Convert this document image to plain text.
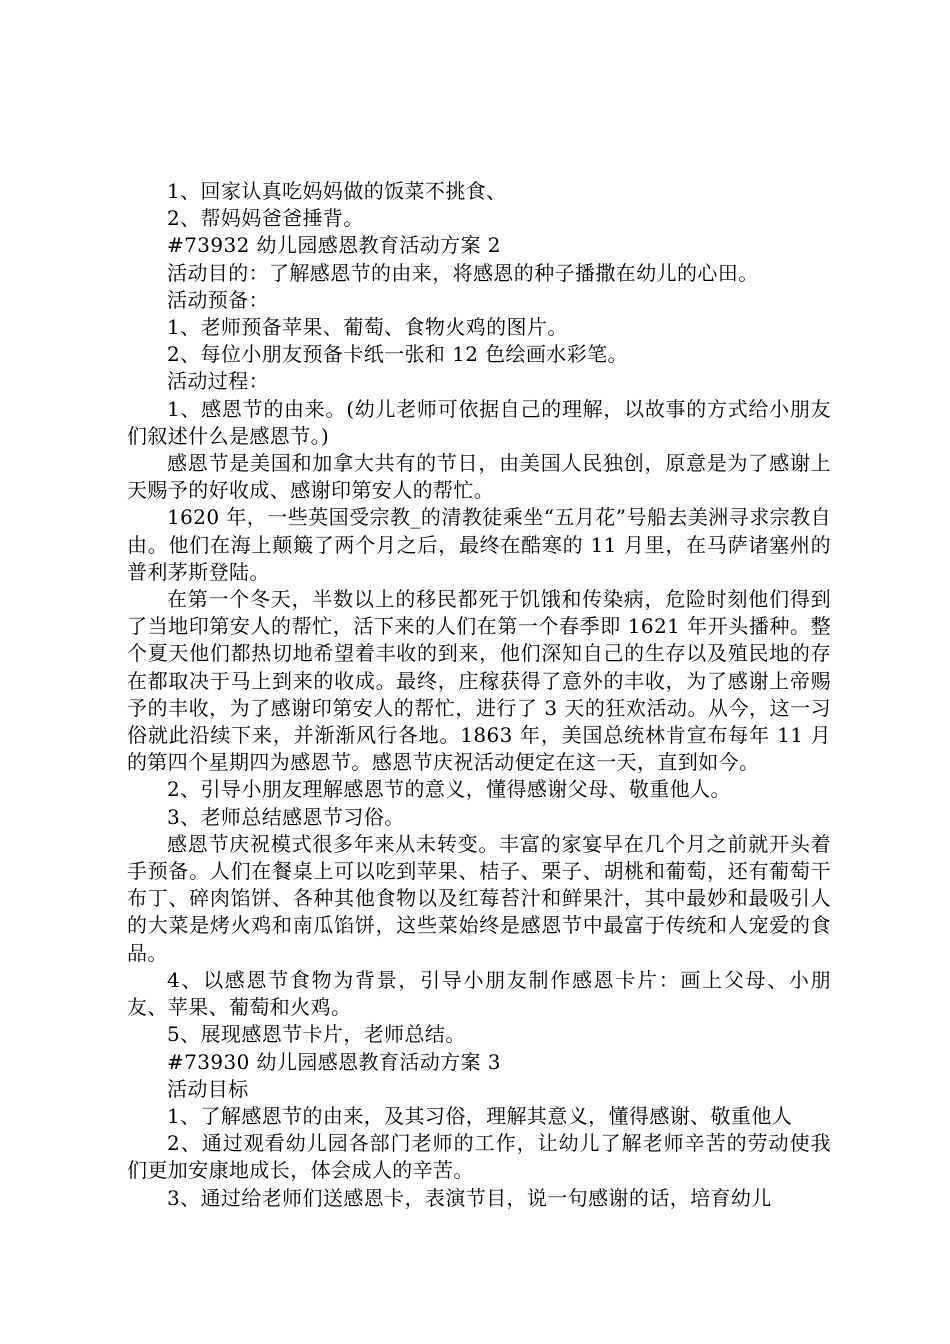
1、回家认真吃妈妈做的饭菜不挑食、

2、帮妈妈爸爸捶背。

#73932 幼儿园感恩教育活动方案 2

活动目的：了解感恩节的由来，将感恩的种子播撒在幼儿的心田。

活动预备：

1、老师预备苹果、葡萄、食物火鸡的图片。

2、每位小朋友预备卡纸一张和 12 色绘画水彩笔。

活动过程：

1、感恩节的由来。(幼儿老师可依据自己的理解，以故事的方式给小朋友们叙述什么是感恩节。)

感恩节是美国和加拿大共有的节日，由美国人民独创，原意是为了感谢上天赐予的好收成、感谢印第安人的帮忙。

1620 年，一些英国受宗教_的清教徒乘坐“五月花”号船去美洲寻求宗教自由。他们在海上颠簸了两个月之后，最终在酷寒的 11 月里，在马萨诸塞州的普利茅斯登陆。

在第一个冬天，半数以上的移民都死于饥饿和传染病，危险时刻他们得到了当地印第安人的帮忙，活下来的人们在第一个春季即 1621 年开头播种。整个夏天他们都热切地希望着丰收的到来，他们深知自己的生存以及殖民地的存在都取决于马上到来的收成。最终，庄稼获得了意外的丰收，为了感谢上帝赐予的丰收，为了感谢印第安人的帮忙，进行了 3 天的狂欢活动。从今，这一习俗就此沿续下来，并渐渐风行各地。1863 年，美国总统林肯宣布每年 11 月的第四个星期四为感恩节。感恩节庆祝活动便定在这一天，直到如今。

2、引导小朋友理解感恩节的意义，懂得感谢父母、敬重他人。

3、老师总结感恩节习俗。

感恩节庆祝模式很多年来从未转变。丰富的家宴早在几个月之前就开头着手预备。人们在餐桌上可以吃到苹果、桔子、栗子、胡桃和葡萄，还有葡萄干布丁、碎肉馅饼、各种其他食物以及红莓苔汁和鲜果汁，其中最妙和最吸引人的大菜是烤火鸡和南瓜馅饼，这些菜始终是感恩节中最富于传统和人宠爱的食品。

4、以感恩节食物为背景，引导小朋友制作感恩卡片：画上父母、小朋友、苹果、葡萄和火鸡。

5、展现感恩节卡片，老师总结。

#73930 幼儿园感恩教育活动方案 3

活动目标

1、了解感恩节的由来，及其习俗，理解其意义，懂得感谢、敬重他人

2、通过观看幼儿园各部门老师的工作，让幼儿了解老师辛苦的劳动使我们更加安康地成长，体会成人的辛苦。

3、通过给老师们送感恩卡，表演节目，说一句感谢的话，培育幼儿
